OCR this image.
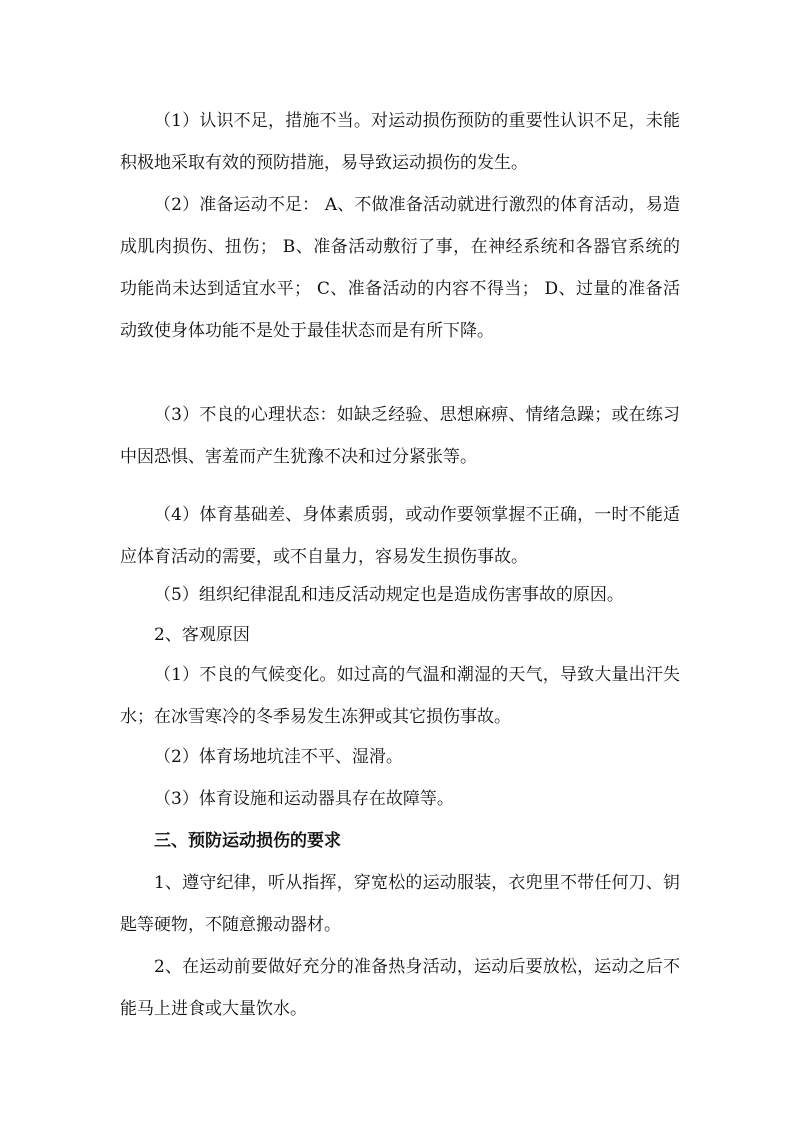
（1）认识不足，措施不当。对运动损伤预防的重要性认识不足，未能积极地采取有效的预防措施，易导致运动损伤的发生。

（2）准备运动不足： A、不做准备活动就进行激烈的体育活动，易造成肌肉损伤、扭伤； B、准备活动敷衍了事，在神经系统和各器官系统的功能尚未达到适宜水平； C、准备活动的内容不得当； D、过量的准备活动致使身体功能不是处于最佳状态而是有所下降。

（3）不良的心理状态：如缺乏经验、思想麻痹、情绪急躁；或在练习中因恐惧、害羞而产生犹豫不决和过分紧张等。

（4）体育基础差、身体素质弱，或动作要领掌握不正确，一时不能适应体育活动的需要，或不自量力，容易发生损伤事故。

（5）组织纪律混乱和违反活动规定也是造成伤害事故的原因。

2、客观原因

（1）不良的气候变化。如过高的气温和潮湿的天气，导致大量出汗失水；在冰雪寒冷的冬季易发生冻狎或其它损伤事故。

（2）体育场地坑洼不平、湿滑。

（3）体育设施和运动器具存在故障等。

三、预防运动损伤的要求

1、遵守纪律，听从指挥，穿宽松的运动服装，衣兜里不带任何刀、钥匙等硬物，不随意搬动器材。

2、在运动前要做好充分的准备热身活动，运动后要放松，运动之后不能马上进食或大量饮水。
